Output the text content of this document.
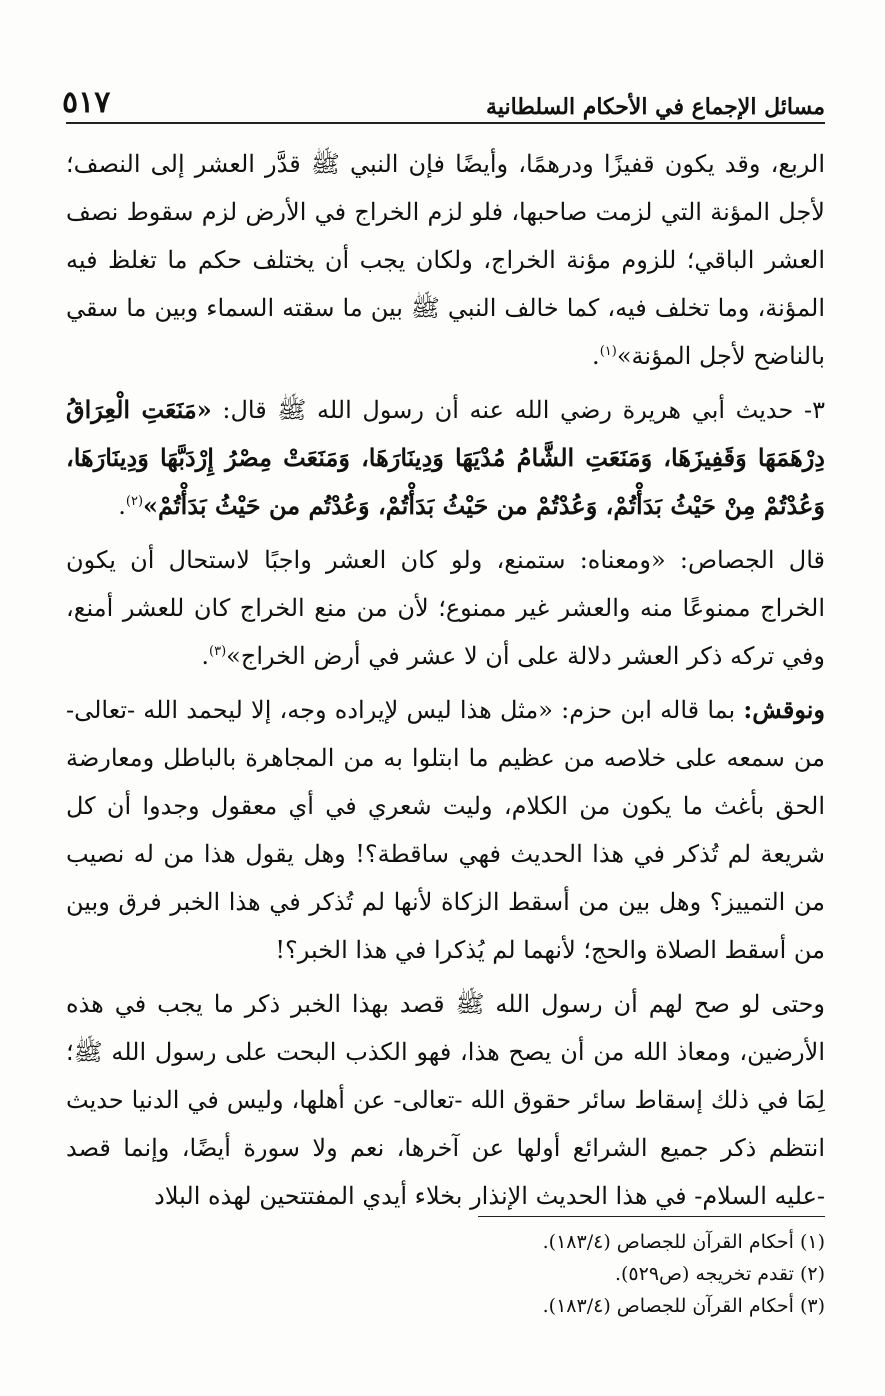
مسائل الإجماع في الأحكام السلطانية
٥١٧

الربع، وقد يكون قفيزًا ودرهمًا، وأيضًا فإن النبي ﷺ قدَّر العشر إلى النصف؛ لأجل المؤنة التي لزمت صاحبها، فلو لزم الخراج في الأرض لزم سقوط نصف العشر الباقي؛ للزوم مؤنة الخراج، ولكان يجب أن يختلف حكم ما تغلظ فيه المؤنة، وما تخلف فيه، كما خالف النبي ﷺ بين ما سقته السماء وبين ما سقي بالناضح لأجل المؤنة»$^{(١)}$.

٣- حديث أبي هريرة رضي الله عنه أن رسول الله ﷺ قال: «مَنَعَتِ الْعِرَاقُ دِرْهَمَهَا وَقَفِيزَهَا، وَمَنَعَتِ الشَّامُ مُدْيَهَا وَدِينَارَهَا، وَمَنَعَتْ مِصْرُ إِرْدَبَّهَا وَدِينَارَهَا، وَعُدْتُمْ مِنْ حَيْثُ بَدَأْتُمْ، وَعُدْتُمْ من حَيْثُ بَدَأْتُمْ، وَعُدْتُم من حَيْثُ بَدَأْتُمْ»$^{(٢)}$.

قال الجصاص: «ومعناه: ستمنع، ولو كان العشر واجبًا لاستحال أن يكون الخراج ممنوعًا منه والعشر غير ممنوع؛ لأن من منع الخراج كان للعشر أمنع، وفي تركه ذكر العشر دلالة على أن لا عشر في أرض الخراج»$^{(٣)}$.

ونوقش: بما قاله ابن حزم: «مثل هذا ليس لإيراده وجه، إلا ليحمد الله -تعالى- من سمعه على خلاصه من عظيم ما ابتلوا به من المجاهرة بالباطل ومعارضة الحق بأغث ما يكون من الكلام، وليت شعري في أي معقول وجدوا أن كل شريعة لم تُذكر في هذا الحديث فهي ساقطة؟! وهل يقول هذا من له نصيب من التمييز؟ وهل بين من أسقط الزكاة لأنها لم تُذكر في هذا الخبر فرق وبين من أسقط الصلاة والحج؛ لأنهما لم يُذكرا في هذا الخبر؟!

وحتى لو صح لهم أن رسول الله ﷺ قصد بهذا الخبر ذكر ما يجب في هذه الأرضين، ومعاذ الله من أن يصح هذا، فهو الكذب البحت على رسول الله ﷺ؛ لِمَا في ذلك إسقاط سائر حقوق الله -تعالى- عن أهلها، وليس في الدنيا حديث انتظم ذكر جميع الشرائع أولها عن آخرها، نعم ولا سورة أيضًا، وإنما قصد -عليه السلام- في هذا الحديث الإنذار بخلاء أيدي المفتتحين لهذه البلاد

(١) أحكام القرآن للجصاص (١٨٣/٤).
(٢) تقدم تخريجه (ص٥٢٩).
(٣) أحكام القرآن للجصاص (١٨٣/٤).
